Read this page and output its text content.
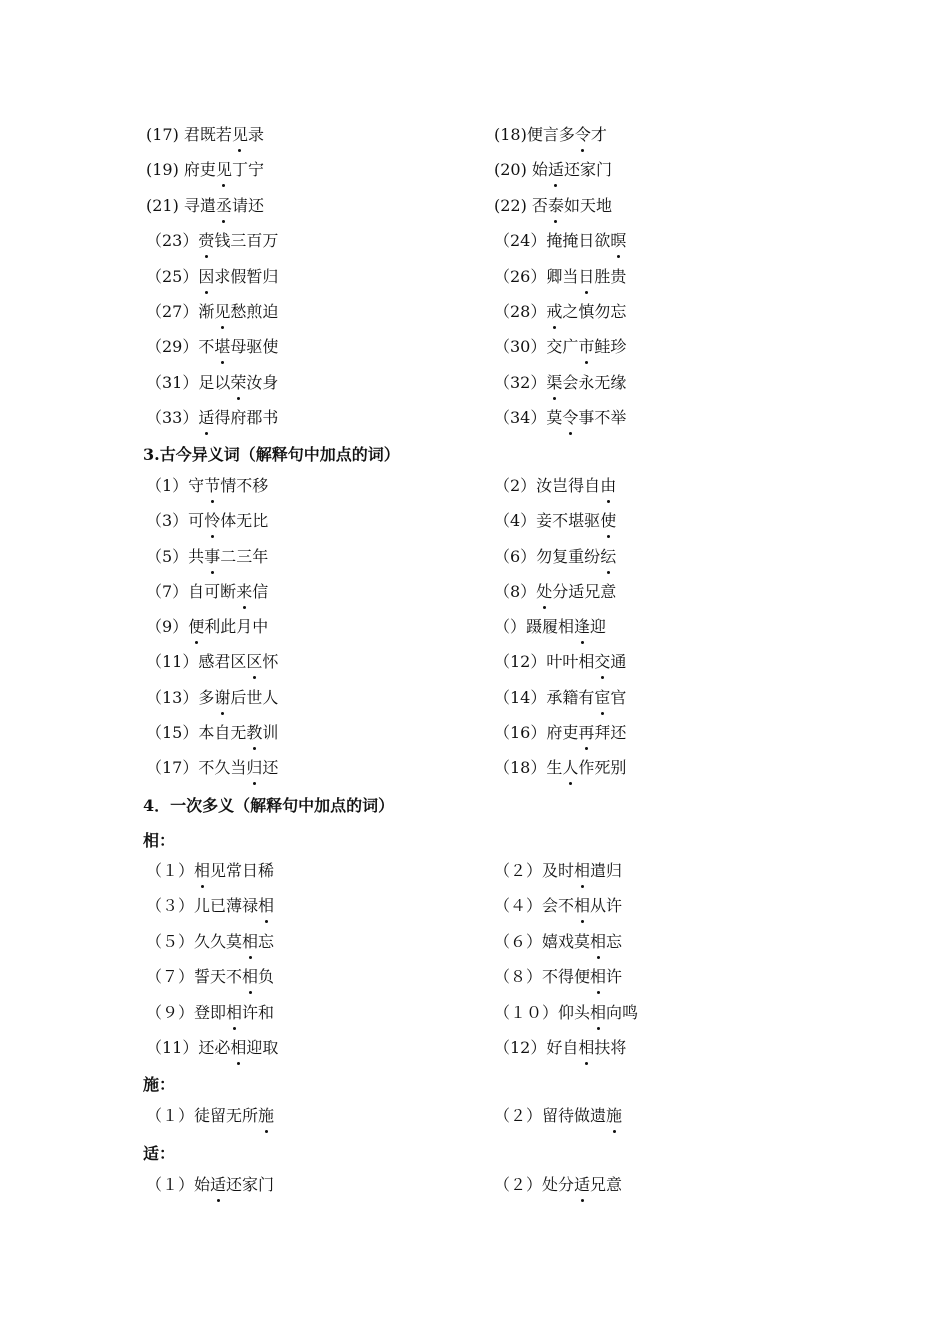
3.古今异义词（解释句中加点的词）
4．一次多义（解释句中加点的词）
相：
施：
适：
(17) 君既若见录	(18)便言多令才
(19) 府吏见丁宁	(20) 始适还家门
(21) 寻遣丞请还	(22) 否泰如天地
（23）赍钱三百万	（24）掩掩日欲暝
（25）因求假暂归	（26）卿当日胜贵
（27）渐见愁煎迫	（28）戒之慎勿忘
（29）不堪母驱使	（30）交广市鲑珍
（31）足以荣汝身	（32）渠会永无缘
（33）适得府郡书	（34）莫令事不举
（1）守节情不移	（2）汝岂得自由
（3）可怜体无比	（4）妾不堪驱使
（5）共事二三年	（6）勿复重纷纭
（7）自可断来信	（8）处分适兄意
（9）便利此月中	（）蹑履相逢迎
（11）感君区区怀	（12）叶叶相交通
（13）多谢后世人	（14）承籍有宦官
（15）本自无教训	（16）府吏再拜还
（17）不久当归还	（18）生人作死别
（１）相见常日稀	（２）及时相遣归
（３）儿已薄禄相	（４）会不相从许
（５）久久莫相忘	（６）嬉戏莫相忘
（７）誓天不相负	（８）不得便相许
（９）登即相许和	（１０）仰头相向鸣
（11）还必相迎取	（12）好自相扶将
（１）徒留无所施	（２）留待做遗施
（１）始适还家门	（２）处分适兄意
